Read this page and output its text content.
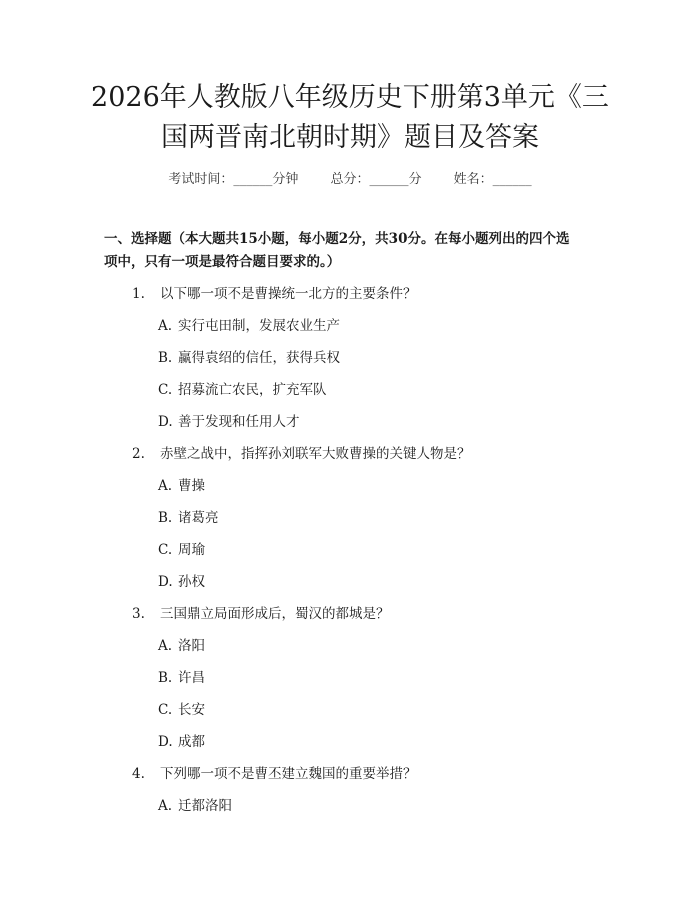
2026年人教版八年级历史下册第3单元《三
国两晋南北朝时期》题目及答案
考试时间：______分钟 总分：______分 姓名：______

一、选择题（本大题共15小题，每小题2分，共30分。在每小题列出的四个选
项中，只有一项是最符合题目要求的。）

1. 以下哪一项不是曹操统一北方的主要条件？
A. 实行屯田制，发展农业生产
B. 赢得袁绍的信任，获得兵权
C. 招募流亡农民，扩充军队
D. 善于发现和任用人才
2. 赤壁之战中，指挥孙刘联军大败曹操的关键人物是？
A. 曹操
B. 诸葛亮
C. 周瑜
D. 孙权
3. 三国鼎立局面形成后，蜀汉的都城是？
A. 洛阳
B. 许昌
C. 长安
D. 成都
4. 下列哪一项不是曹丕建立魏国的重要举措？
A. 迁都洛阳
